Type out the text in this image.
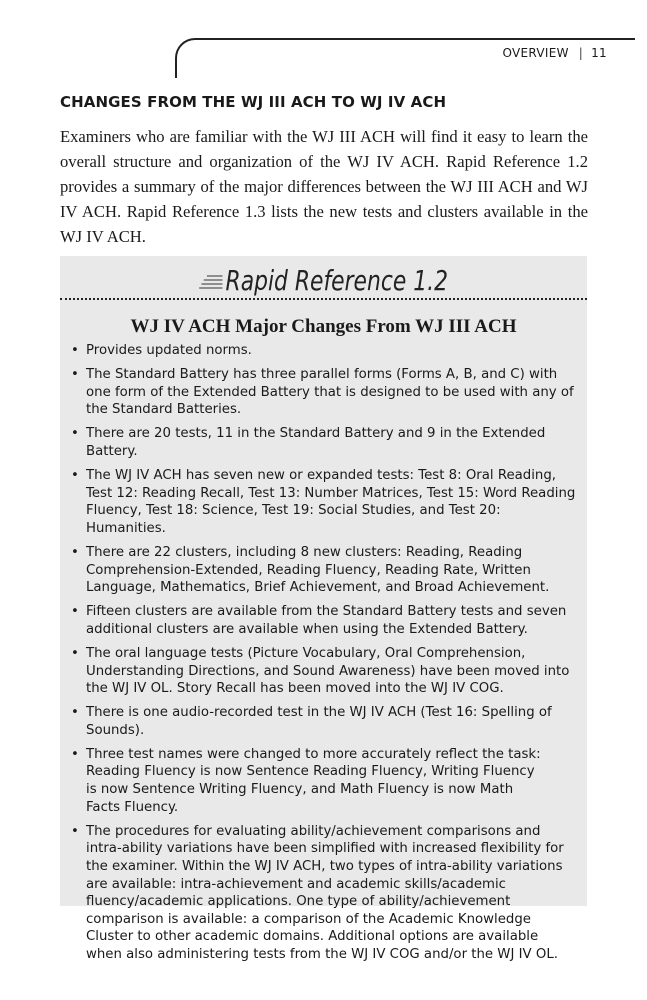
OVERVIEW | 11
CHANGES FROM THE WJ III ACH TO WJ IV ACH

Examiners who are familiar with the WJ III ACH will find it easy to learn the overall structure and organization of the WJ IV ACH. Rapid Reference 1.2 provides a summary of the major differences between the WJ III ACH and WJ IV ACH. Rapid Reference 1.3 lists the new tests and clusters available in the WJ IV ACH.

Rapid Reference 1.2
WJ IV ACH Major Changes From WJ III ACH
• Provides updated norms.
• The Standard Battery has three parallel forms (Forms A, B, and C) with one form of the Extended Battery that is designed to be used with any of the Standard Batteries.
• There are 20 tests, 11 in the Standard Battery and 9 in the Extended
Battery.
• The WJ IV ACH has seven new or expanded tests: Test 8: Oral Reading, Test 12: Reading Recall, Test 13: Number Matrices, Test 15: Word Reading Fluency, Test 18: Science, Test 19: Social Studies, and Test 20: Humanities.
• There are 22 clusters, including 8 new clusters: Reading, Reading Comprehension-Extended, Reading Fluency, Reading Rate, Written Language, Mathematics, Brief Achievement, and Broad Achievement.
• Fifteen clusters are available from the Standard Battery tests and seven additional clusters are available when using the Extended Battery.
• The oral language tests (Picture Vocabulary, Oral Comprehension, Understanding Directions, and Sound Awareness) have been moved into the WJ IV OL. Story Recall has been moved into the WJ IV COG.
• There is one audio-recorded test in the WJ IV ACH (Test 16: Spelling of Sounds).
• Three test names were changed to more accurately reflect the task:
Reading Fluency is now Sentence Reading Fluency, Writing Fluency
is now Sentence Writing Fluency, and Math Fluency is now Math
Facts Fluency.
• The procedures for evaluating ability/achievement comparisons and intra-ability variations have been simplified with increased flexibility for the examiner. Within the WJ IV ACH, two types of intra-ability variations are available: intra-achievement and academic skills/academic fluency/academic applications. One type of ability/achievement comparison is available: a comparison of the Academic Knowledge Cluster to other academic domains. Additional options are available when also administering tests from the WJ IV COG and/or the WJ IV OL.
